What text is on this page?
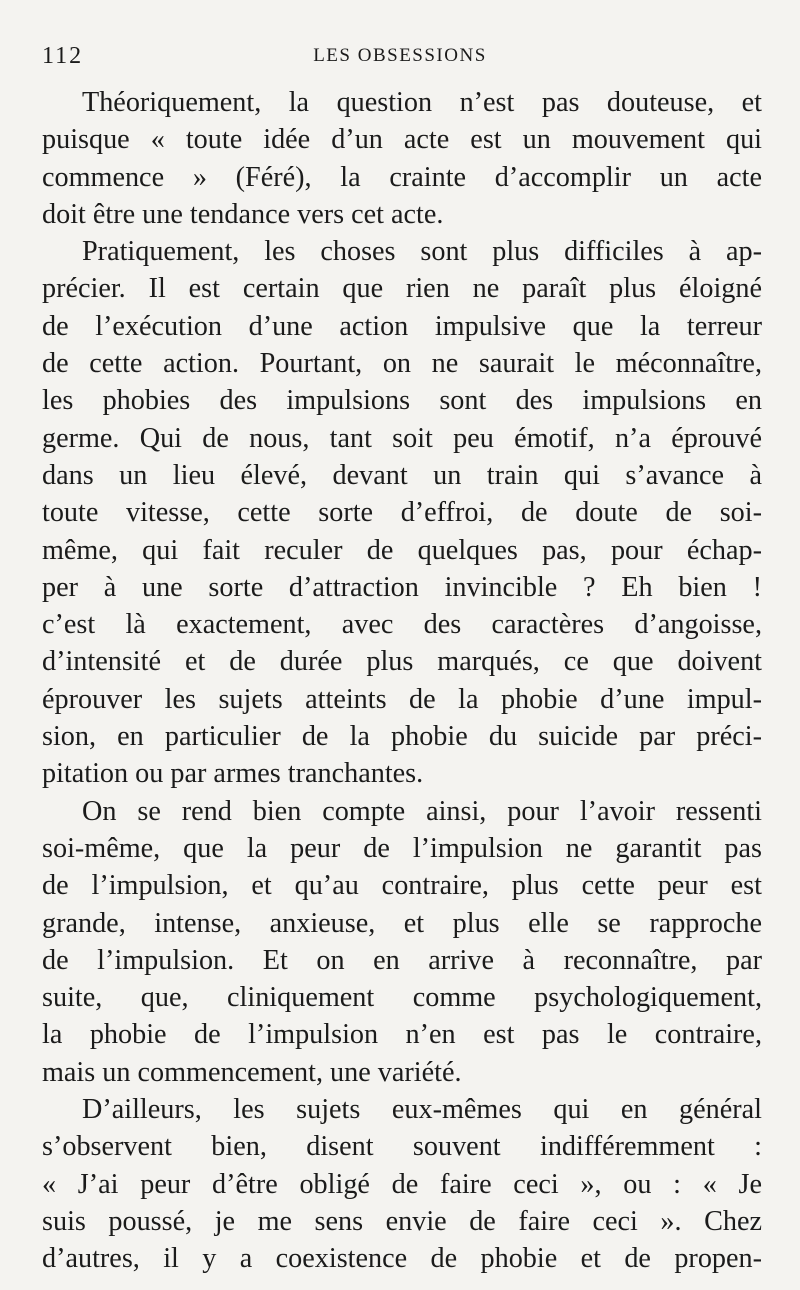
112	LES OBSESSIONS
Théoriquement, la question n’est pas douteuse, et
puisque « toute idée d’un acte est un mouvement qui
commence » (Féré), la crainte d’accomplir un acte
doit être une tendance vers cet acte.
Pratiquement, les choses sont plus difficiles à ap-
précier. Il est certain que rien ne paraît plus éloigné
de l’exécution d’une action impulsive que la terreur
de cette action. Pourtant, on ne saurait le méconnaître,
les phobies des impulsions sont des impulsions en
germe. Qui de nous, tant soit peu émotif, n’a éprouvé
dans un lieu élevé, devant un train qui s’avance à
toute vitesse, cette sorte d’effroi, de doute de soi-
même, qui fait reculer de quelques pas, pour échap-
per à une sorte d’attraction invincible ? Eh bien !
c’est là exactement, avec des caractères d’angoisse,
d’intensité et de durée plus marqués, ce que doivent
éprouver les sujets atteints de la phobie d’une impul-
sion, en particulier de la phobie du suicide par préci-
pitation ou par armes tranchantes.
On se rend bien compte ainsi, pour l’avoir ressenti
soi-même, que la peur de l’impulsion ne garantit pas
de l’impulsion, et qu’au contraire, plus cette peur est
grande, intense, anxieuse, et plus elle se rapproche
de l’impulsion. Et on en arrive à reconnaître, par
suite, que, cliniquement comme psychologiquement,
la phobie de l’impulsion n’en est pas le contraire,
mais un commencement, une variété.
D’ailleurs, les sujets eux-mêmes qui en général
s’observent bien, disent souvent indifféremment :
« J’ai peur d’être obligé de faire ceci », ou : « Je
suis poussé, je me sens envie de faire ceci ». Chez
d’autres, il y a coexistence de phobie et de propen-
